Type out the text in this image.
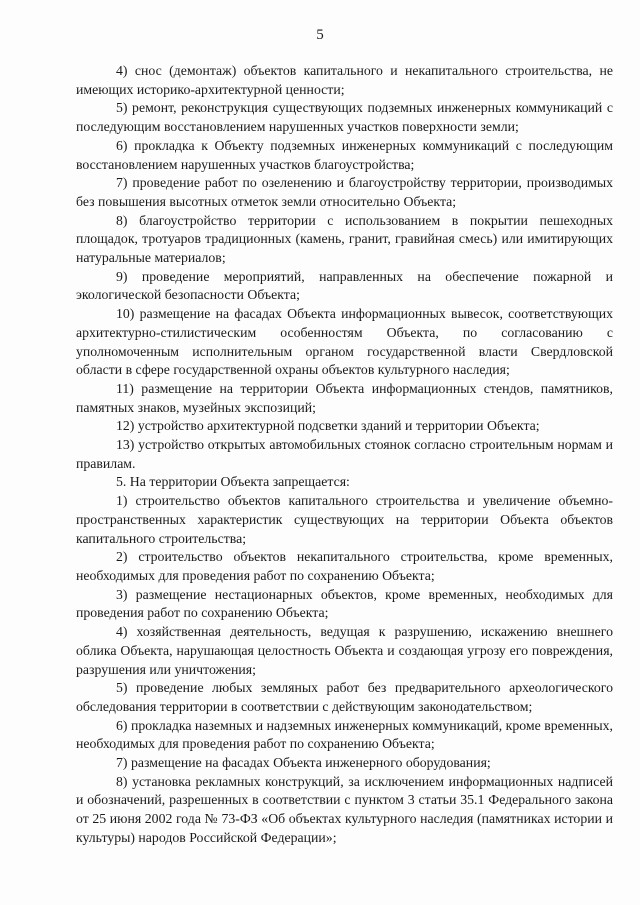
5

4) снос (демонтаж) объектов капитального и некапитального строительства, не имеющих историко-архитектурной ценности;

5) ремонт, реконструкция существующих подземных инженерных коммуникаций с последующим восстановлением нарушенных участков поверхности земли;

6) прокладка к Объекту подземных инженерных коммуникаций с последующим восстановлением нарушенных участков благоустройства;

7) проведение работ по озеленению и благоустройству территории, производимых без повышения высотных отметок земли относительно Объекта;

8) благоустройство территории с использованием в покрытии пешеходных площадок, тротуаров традиционных (камень, гранит, гравийная смесь) или имитирующих натуральные материалов;

9) проведение мероприятий, направленных на обеспечение пожарной и экологической безопасности Объекта;

10) размещение на фасадах Объекта информационных вывесок, соответствующих архитектурно-стилистическим особенностям Объекта, по согласованию с уполномоченным исполнительным органом государственной власти Свердловской области в сфере государственной охраны объектов культурного наследия;

11) размещение на территории Объекта информационных стендов, памятников, памятных знаков, музейных экспозиций;

12) устройство архитектурной подсветки зданий и территории Объекта;

13) устройство открытых автомобильных стоянок согласно строительным нормам и правилам.

5. На территории Объекта запрещается:

1) строительство объектов капитального строительства и увеличение объемно-пространственных характеристик существующих на территории Объекта объектов капитального строительства;

2) строительство объектов некапитального строительства, кроме временных, необходимых для проведения работ по сохранению Объекта;

3) размещение нестационарных объектов, кроме временных, необходимых для проведения работ по сохранению Объекта;

4) хозяйственная деятельность, ведущая к разрушению, искажению внешнего облика Объекта, нарушающая целостность Объекта и создающая угрозу его повреждения, разрушения или уничтожения;

5) проведение любых земляных работ без предварительного археологического обследования территории в соответствии с действующим законодательством;

6) прокладка наземных и надземных инженерных коммуникаций, кроме временных, необходимых для проведения работ по сохранению Объекта;

7) размещение на фасадах Объекта инженерного оборудования;

8) установка рекламных конструкций, за исключением информационных надписей и обозначений, разрешенных в соответствии с пунктом 3 статьи 35.1 Федерального закона от 25 июня 2002 года № 73-ФЗ «Об объектах культурного наследия (памятниках истории и культуры) народов Российской Федерации»;
